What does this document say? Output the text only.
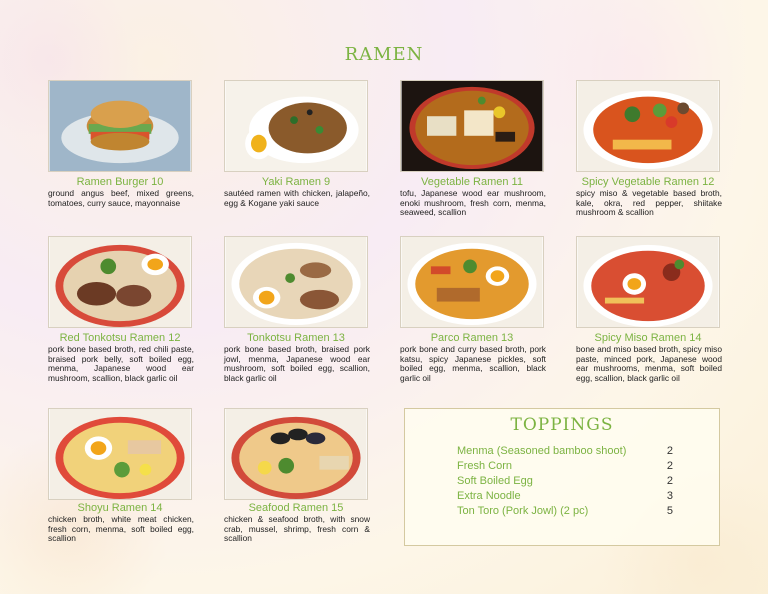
RAMEN
Ramen Burger 10
ground angus beef, mixed greens, tomatoes, curry sauce, mayonnaise
Yaki Ramen 9
sautéed ramen with chicken, jalapeño, egg & Kogane yaki sauce
Vegetable Ramen 11
tofu, Japanese wood ear mushroom, enoki mushroom, fresh corn, menma, seaweed, scallion
Spicy Vegetable Ramen 12
spicy miso & vegetable based broth, kale, okra, red pepper, shiitake mushroom & scallion
Red Tonkotsu Ramen 12
pork bone based broth, red chili paste, braised pork belly, soft boiled egg, menma, Japanese wood ear mushroom, scallion, black garlic oil
Tonkotsu Ramen 13
pork bone based broth, braised pork jowl, menma, Japanese wood ear mushroom, soft boiled egg, scallion, black garlic oil
Parco Ramen 13
pork bone and curry based broth, pork katsu, spicy Japanese pickles, soft boiled egg, menma, scallion, black garlic oil
Spicy Miso Ramen 14
bone and miso based broth, spicy miso paste, minced pork, Japanese wood ear mushrooms, menma, soft boiled egg, scallion, black garlic oil
Shoyu Ramen 14
chicken broth, white meat chicken, fresh corn, menma, soft boiled egg, scallion
Seafood Ramen 15
chicken & seafood broth, with snow crab, mussel, shrimp, fresh corn & scallion
TOPPINGS
Menma (Seasoned bamboo shoot)	2
Fresh Corn	2
Soft Boiled Egg	2
Extra Noodle	3
Ton Toro (Pork Jowl) (2 pc)	5
